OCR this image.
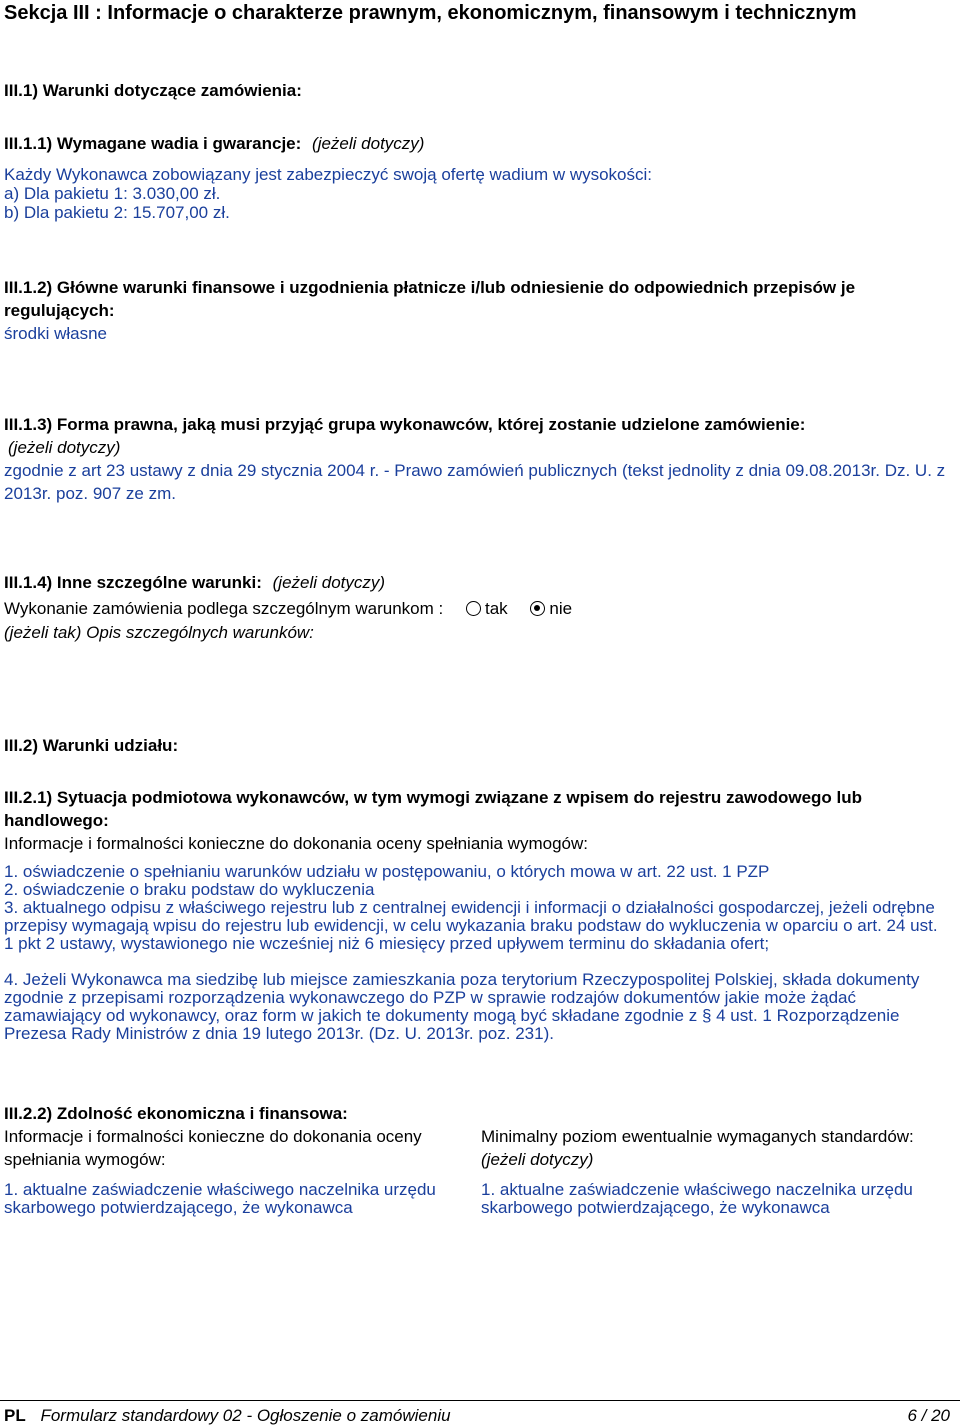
Sekcja III : Informacje o charakterze prawnym, ekonomicznym, finansowym i technicznym
III.1) Warunki dotyczące zamówienia:
III.1.1) Wymagane wadia i gwarancje: (jeżeli dotyczy)
Każdy Wykonawca zobowiązany jest zabezpieczyć swoją ofertę wadium w wysokości:
a) Dla pakietu 1: 3.030,00 zł.
b) Dla pakietu 2: 15.707,00 zł.
III.1.2) Główne warunki finansowe i uzgodnienia płatnicze i/lub odniesienie do odpowiednich przepisów je regulujących:
środki własne
III.1.3) Forma prawna, jaką musi przyjąć grupa wykonawców, której zostanie udzielone zamówienie:
(jeżeli dotyczy)
zgodnie z art 23 ustawy z dnia 29 stycznia 2004 r. - Prawo zamówień publicznych (tekst jednolity z dnia 09.08.2013r. Dz. U. z 2013r. poz. 907 ze zm.
III.1.4) Inne szczególne warunki: (jeżeli dotyczy)
Wykonanie zamówienia podlega szczególnym warunkom : tak nie
(jeżeli tak) Opis szczególnych warunków:
III.2) Warunki udziału:
III.2.1) Sytuacja podmiotowa wykonawców, w tym wymogi związane z wpisem do rejestru zawodowego lub handlowego:
Informacje i formalności konieczne do dokonania oceny spełniania wymogów:
1. oświadczenie o spełnianiu warunków udziału w postępowaniu, o których mowa w art. 22 ust. 1 PZP
2. oświadczenie o braku podstaw do wykluczenia
3. aktualnego odpisu z właściwego rejestru lub z centralnej ewidencji i informacji o działalności gospodarczej, jeżeli odrębne przepisy wymagają wpisu do rejestru lub ewidencji, w celu wykazania braku podstaw do wykluczenia w oparciu o art. 24 ust. 1 pkt 2 ustawy, wystawionego nie wcześniej niż 6 miesięcy przed upływem terminu do składania ofert;
4. Jeżeli Wykonawca ma siedzibę lub miejsce zamieszkania poza terytorium Rzeczypospolitej Polskiej, składa dokumenty zgodnie z przepisami rozporządzenia wykonawczego do PZP w sprawie rodzajów dokumentów jakie może żądać zamawiający od wykonawcy, oraz form w jakich te dokumenty mogą być składane zgodnie z § 4 ust. 1 Rozporządzenie Prezesa Rady Ministrów z dnia 19 lutego 2013r. (Dz. U. 2013r. poz. 231).
III.2.2) Zdolność ekonomiczna i finansowa:
Informacje i formalności konieczne do dokonania oceny spełniania wymogów:
Minimalny poziom ewentualnie wymaganych standardów: (jeżeli dotyczy)
1. aktualne zaświadczenie właściwego naczelnika urzędu skarbowego potwierdzającego, że wykonawca
1. aktualne zaświadczenie właściwego naczelnika urzędu skarbowego potwierdzającego, że wykonawca
PL Formularz standardowy 02 - Ogłoszenie o zamówieniu	6 / 20
